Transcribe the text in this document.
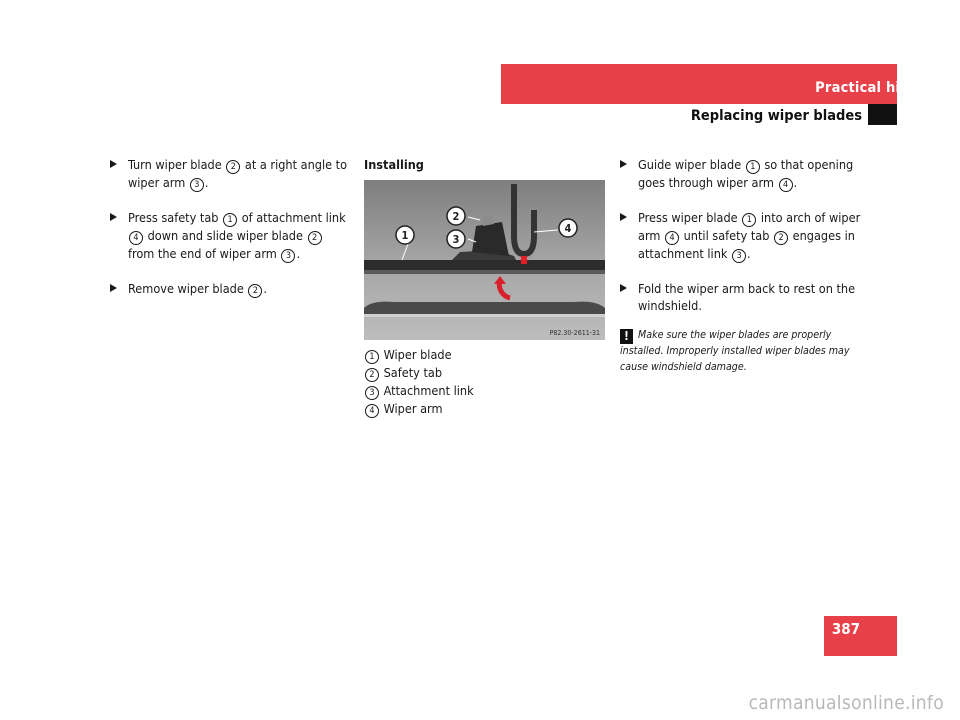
Practical hints
Replacing wiper blades
Turn wiper blade 2 at a right angle to wiper arm 3 .
Press safety tab 1 of attachment link 4 down and slide wiper blade 2 from the end of wiper arm 3 .
Remove wiper blade 2 .
Installing
1
2
3
4
P82.30-2611-31
1 Wiper blade
2 Safety tab
3 Attachment link
4 Wiper arm
Guide wiper blade 1 so that opening goes through wiper arm 4 .
Press wiper blade 1 into arch of wiper arm 4 until safety tab 2 engages in attachment link 3 .
Fold the wiper arm back to rest on the windshield.
! Make sure the wiper blades are properly installed. Improperly installed wiper blades may cause windshield damage.
387
carmanualsonline.info
